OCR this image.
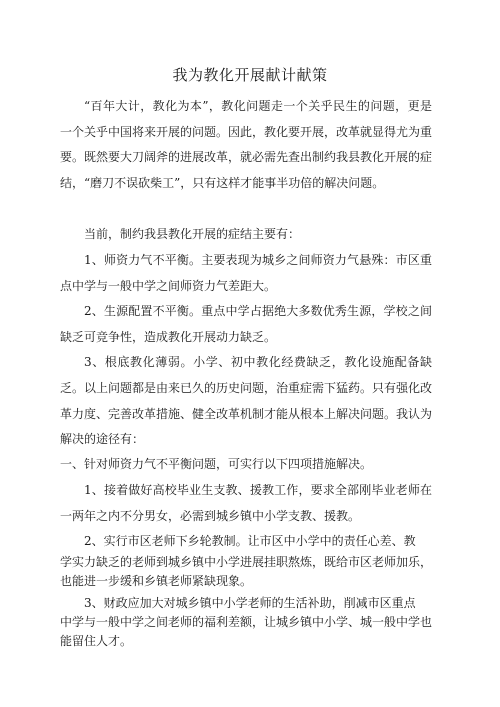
我为教化开展献计献策

“百年大计，教化为本”，教化问题走一个关乎民生的问题，更是一个关乎中国将来开展的问题。因此，教化要开展，改革就显得尤为重要。既然要大刀阔斧的进展改革，就必需先查出制约我县教化开展的症结，“磨刀不误砍柴工”，只有这样才能事半功倍的解决问题。

当前，制约我县教化开展的症结主要有：

1、师资力气不平衡。主要表现为城乡之间师资力气悬殊：市区重点中学与一般中学之间师资力气差距大。

2、生源配置不平衡。重点中学占据绝大多数优秀生源，学校之间缺乏可竞争性，造成教化开展动力缺乏。

3、根底教化薄弱。小学、初中教化经费缺乏，教化设施配备缺乏。 以上问题都是由来已久的历史问题，治重症需下猛药。只有强化改革力度、完善改革措施、健全改革机制才能从根本上解决问题。我认为解决的途径有：

一、针对师资力气不平衡问题，可实行以下四项措施解决。

1、接着做好高校毕业生支教、援教工作，要求全部刚毕业老师在一两年之内不分男女，必需到城乡镇中小学支教、援教。

2、实行市区老师下乡轮教制。让市区中小学中的责任心差、教

学实力缺乏的老师到城乡镇中小学进展挂职熬炼，既给市区老师加乐，也能进一步缓和乡镇老师紧缺现象。

3、财政应加大对城乡镇中小学老师的生活补助，削减市区重点

中学与一般中学之间老师的福利差额，让城乡镇中小学、城一般中学也能留住人才。
